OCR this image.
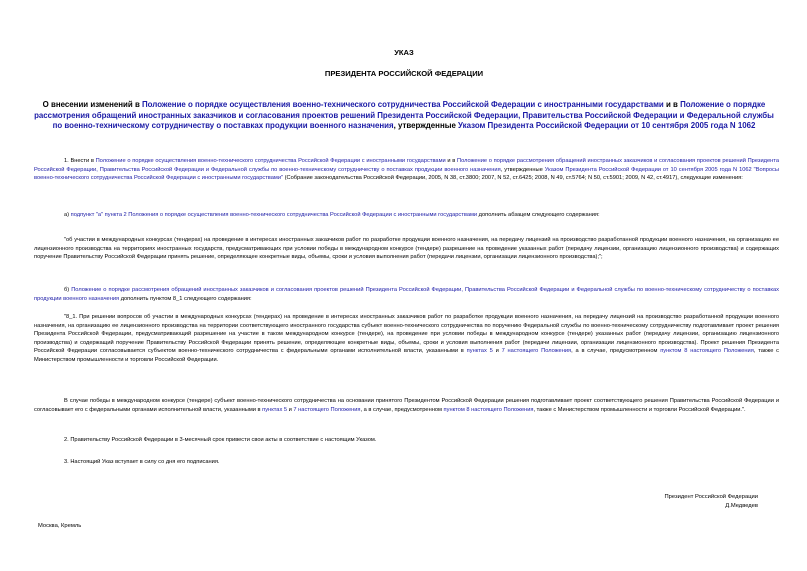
УКАЗ
ПРЕЗИДЕНТА РОССИЙСКОЙ ФЕДЕРАЦИИ
О внесении изменений в Положение о порядке осуществления военно-технического сотрудничества Российской Федерации с иностранными государствами и в Положение о порядке рассмотрения обращений иностранных заказчиков и согласования проектов решений Президента Российской Федерации, Правительства Российской Федерации и Федеральной службы по военно-техническому сотрудничеству о поставках продукции военного назначения, утвержденные Указом Президента Российской Федерации от 10 сентября 2005 года N 1062
1. Внести в Положение о порядке осуществления военно-технического сотрудничества Российской Федерации с иностранными государствами и в Положение о порядке рассмотрения обращений иностранных заказчиков и согласования проектов решений Президента Российской Федерации, Правительства Российской Федерации и Федеральной службы по военно-техническому сотрудничеству о поставках продукции военного назначения, утвержденные Указом Президента Российской Федерации от 10 сентября 2005 года N 1062 "Вопросы военно-технического сотрудничества Российской Федерации с иностранными государствами" (Собрание законодательства Российской Федерации, 2005, N 38, ст.3800; 2007, N 52, ст.6425; 2008, N 49, ст.5764; N 50, ст.5901; 2009, N 42, ст.4917), следующие изменения:
а) подпункт "а" пункта 2 Положения о порядке осуществления военно-технического сотрудничества Российской Федерации с иностранными государствами дополнить абзацем следующего содержания:
"об участии в международных конкурсах (тендерах) на проведение в интересах иностранных заказчиков работ по разработке продукции военного назначения, на передачу лицензий на производство разработанной продукции военного назначения, на организацию ее лицензионного производства на территориях иностранных государств, предусматривающих при условии победы в международном конкурсе (тендере) разрешение на проведение указанных работ (передачу лицензии, организацию лицензионного производства) и содержащих поручение Правительству Российской Федерации принять решение, определяющее конкретные виды, объемы, сроки и условия выполнения работ (передачи лицензии, организации лицензионного производства);";
б) Положение о порядке рассмотрения обращений иностранных заказчиков и согласования проектов решений Президента Российской Федерации, Правительства Российской Федерации и Федеральной службы по военно-техническому сотрудничеству о поставках продукции военного назначения дополнить пунктом 8_1 следующего содержания:
"8_1. При решении вопросов об участии в международных конкурсах (тендерах) на проведение в интересах иностранных заказчиков работ по разработке продукции военного назначения, на передачу лицензий на производство разработанной продукции военного назначения, на организацию ее лицензионного производства на территории соответствующего иностранного государства субъект военно-технического сотрудничества по поручению Федеральной службы по военно-техническому сотрудничеству подготавливает проект решения Президента Российской Федерации, предусматривающий разрешение на участие в таком международном конкурсе (тендере), на проведение при условии победы в международном конкурсе (тендере) указанных работ (передачу лицензии, организацию лицензионного производства) и содержащий поручение Правительству Российской Федерации принять решение, определяющее конкретные виды, объемы, сроки и условия выполнения работ (передачи лицензии, организации лицензионного производства). Проект решения Президента Российской Федерации согласовывается субъектом военно-технического сотрудничества с федеральными органами исполнительной власти, указанными в пунктах 5 и 7 настоящего Положения, а в случае, предусмотренном пунктом 8 настоящего Положения, также с Министерством промышленности и торговли Российской Федерации.
В случае победы в международном конкурсе (тендере) субъект военно-технического сотрудничества на основании принятого Президентом Российской Федерации решения подготавливает проект соответствующего решения Правительства Российской Федерации и согласовывает его с федеральными органами исполнительной власти, указанными в пунктах 5 и 7 настоящего Положения, а в случае, предусмотренном пунктом 8 настоящего Положения, также с Министерством промышленности и торговли Российской Федерации.".
2. Правительству Российской Федерации в 3-месячный срок привести свои акты в соответствие с настоящим Указом.
3. Настоящий Указ вступает в силу со дня его подписания.
Президент Российской Федерации
Д.Медведев
Москва, Кремль
